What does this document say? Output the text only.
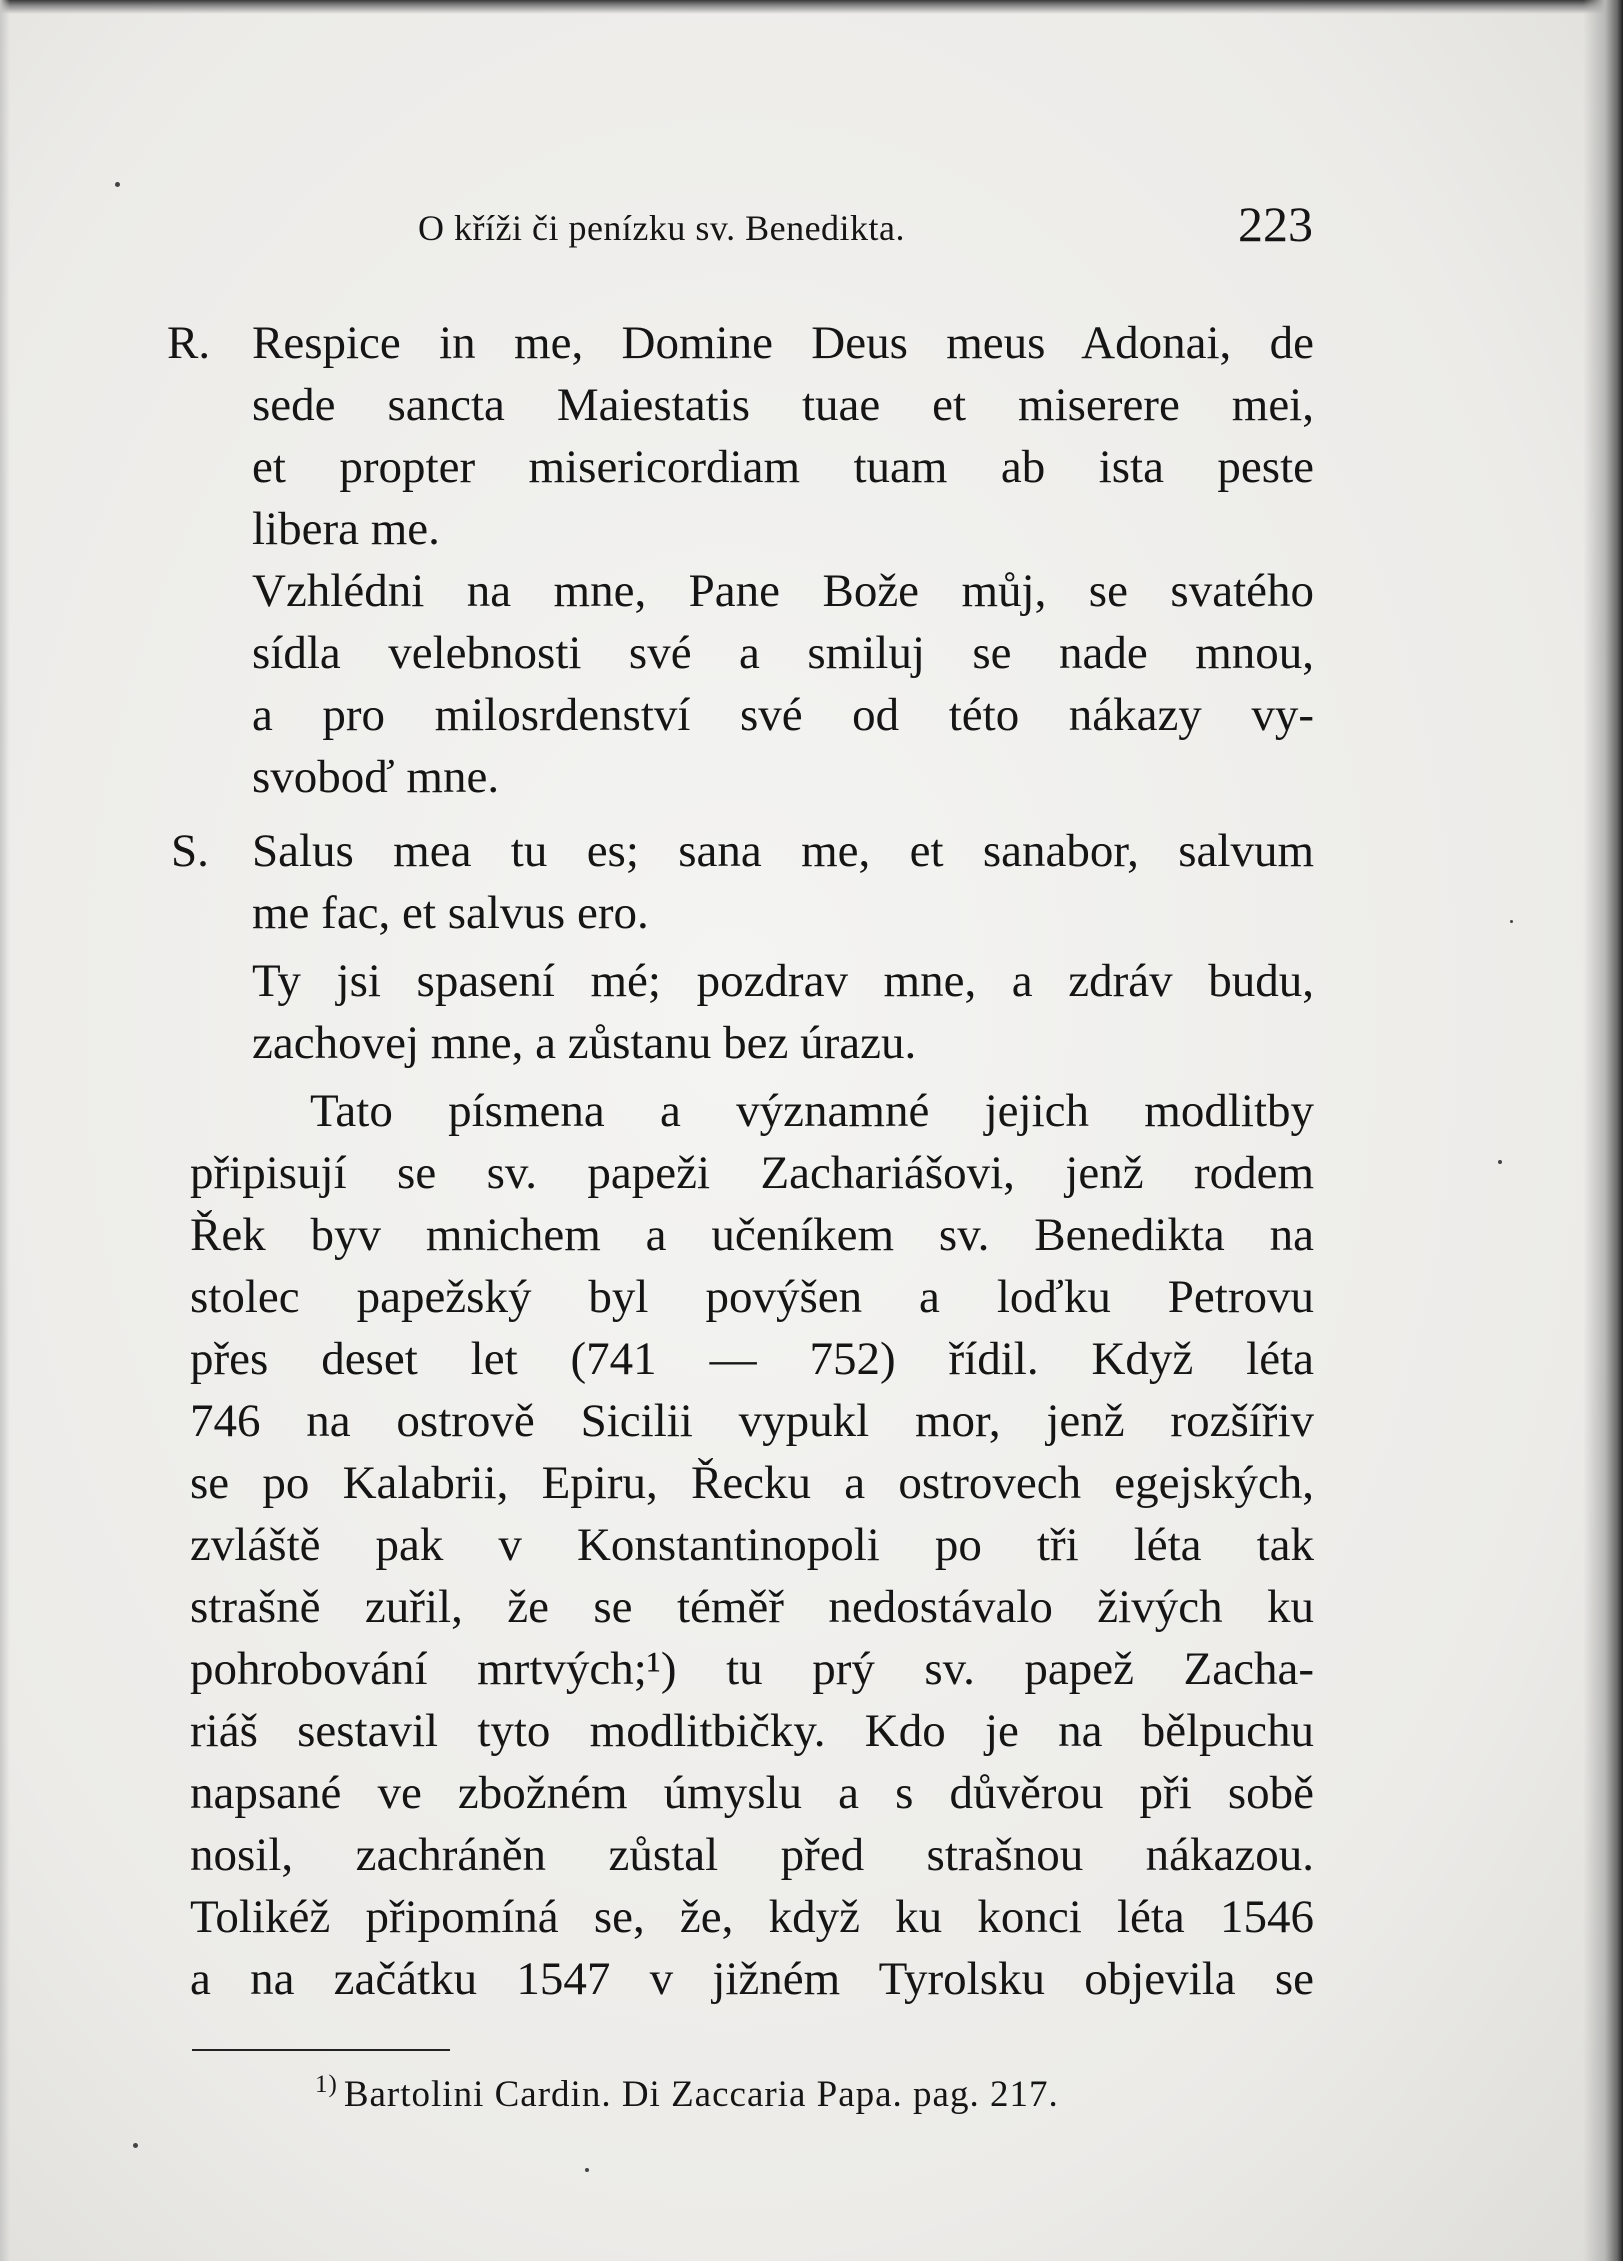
O kříži či penízku sv. Benedikta.	223
R. Respice in me, Domine Deus meus Adonai, de
sede sancta Maiestatis tuae et miserere mei,
et propter misericordiam tuam ab ista peste
libera me.
Vzhlédni na mne, Pane Bože můj, se svatého
sídla velebnosti své a smiluj se nade mnou,
a pro milosrdenství své od této nákazy vy-
svoboď mne.
S. Salus mea tu es; sana me, et sanabor, salvum
me fac, et salvus ero.
Ty jsi spasení mé; pozdrav mne, a zdráv budu,
zachovej mne, a zůstanu bez úrazu.
Tato písmena a významné jejich modlitby
připisují se sv. papeži Zachariášovi, jenž rodem
Řek byv mnichem a učeníkem sv. Benedikta na
stolec papežský byl povýšen a loďku Petrovu
přes deset let (741 — 752) řídil. Když léta
746 na ostrově Sicilii vypukl mor, jenž rozšířiv
se po Kalabrii, Epiru, Řecku a ostrovech egejských,
zvláště pak v Konstantinopoli po tři léta tak
strašně zuřil, že se téměř nedostávalo živých ku
pohrobování mrtvých;¹) tu prý sv. papež Zacha-
riáš sestavil tyto modlitbičky. Kdo je na bělpuchu
napsané ve zbožném úmyslu a s důvěrou při sobě
nosil, zachráněn zůstal před strašnou nákazou.
Tolikéž připomíná se, že, když ku konci léta 1546
a na začátku 1547 v jižném Tyrolsku objevila se
$^{1)}$ Bartolini Cardin. Di Zaccaria Papa. pag. 217.
